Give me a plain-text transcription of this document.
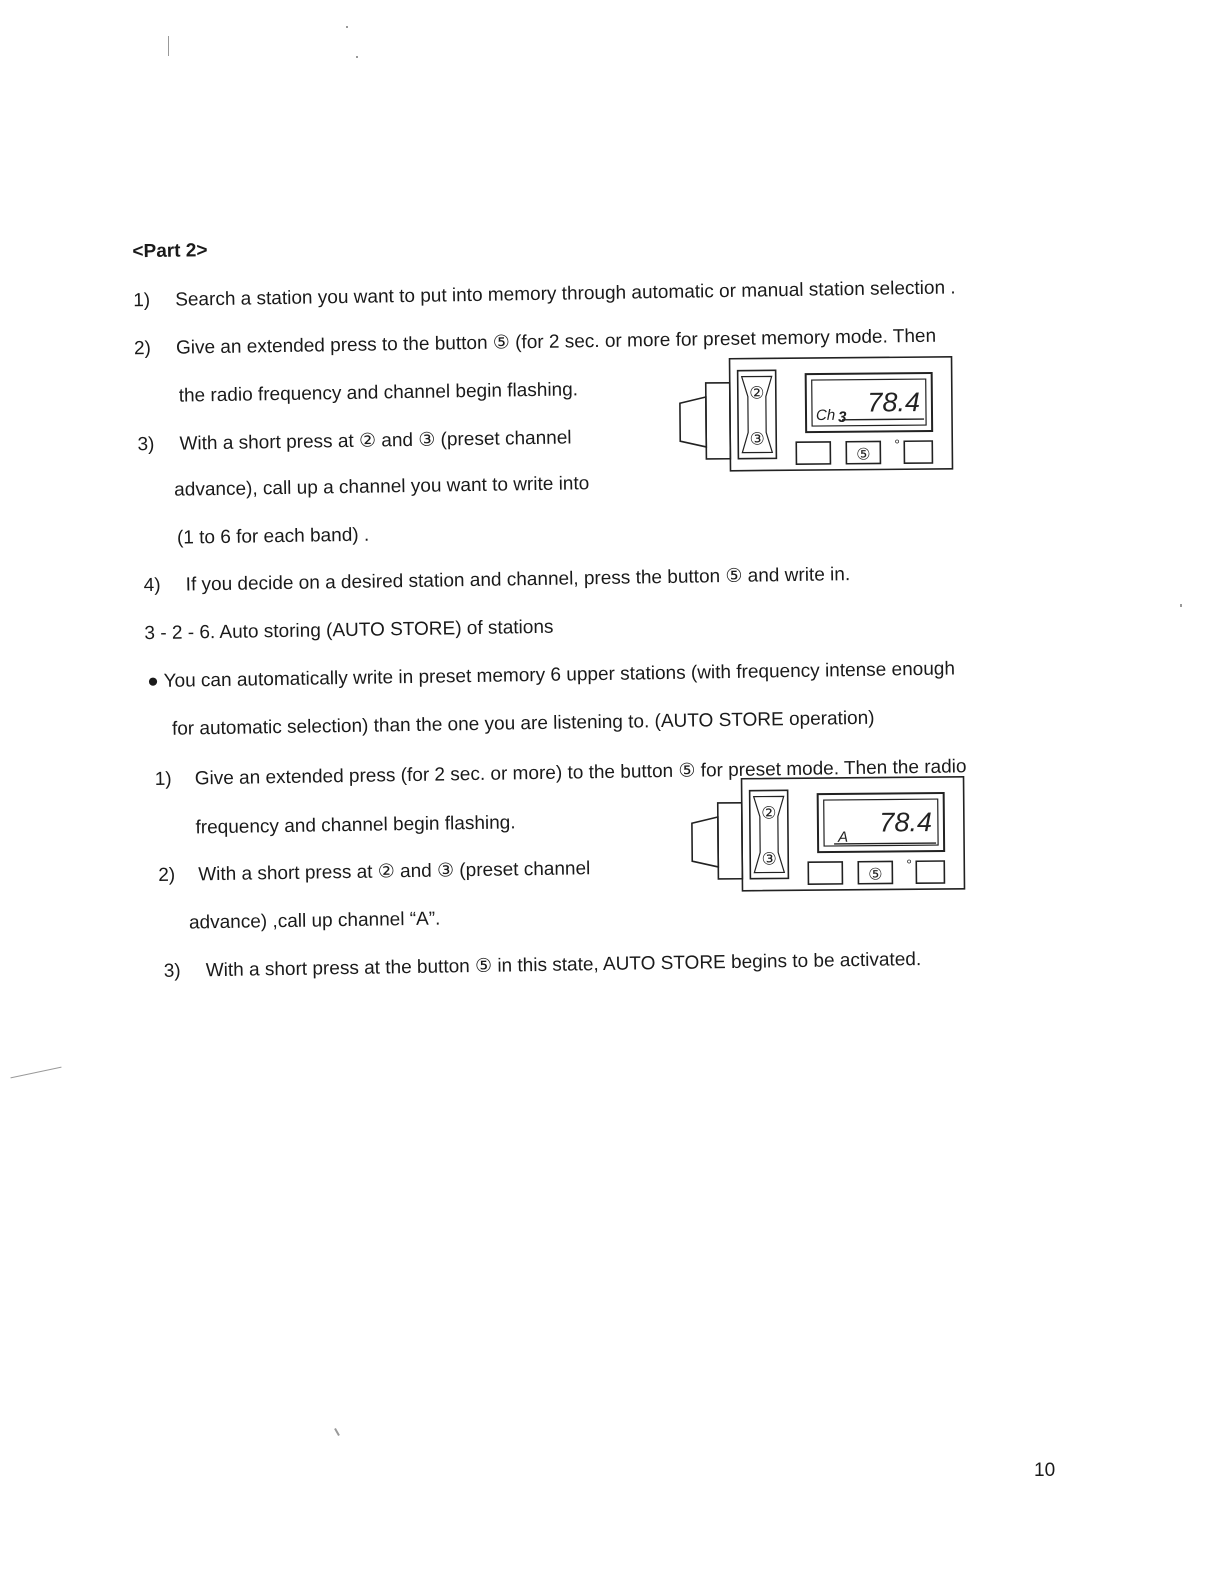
<Part 2>
1) Search a station you want to put into memory through automatic or manual station selection .
2) Give an extended press to the button ⑤ (for 2 sec. or more for preset memory mode. Then
the radio frequency and channel begin flashing.
3) With a short press at ② and ③ (preset channel
advance), call up a channel you want to write into
(1 to 6 for each band) .
4) If you decide on a desired station and channel, press the button ⑤ and write in.
3 - 2 - 6. Auto storing (AUTO STORE) of stations
● You can automatically write in preset memory 6 upper stations (with frequency intense enough
for automatic selection) than the one you are listening to. (AUTO STORE operation)
1) Give an extended press (for 2 sec. or more) to the button ⑤ for preset mode. Then the radio
frequency and channel begin flashing.
2) With a short press at ② and ③ (preset channel
advance) ,call up channel “A”.
3) With a short press at the button ⑤ in this state, AUTO STORE begins to be activated.
②
③
Ch 3 78.4
⑤
°
②
③
A 78.4
⑤
°
10
